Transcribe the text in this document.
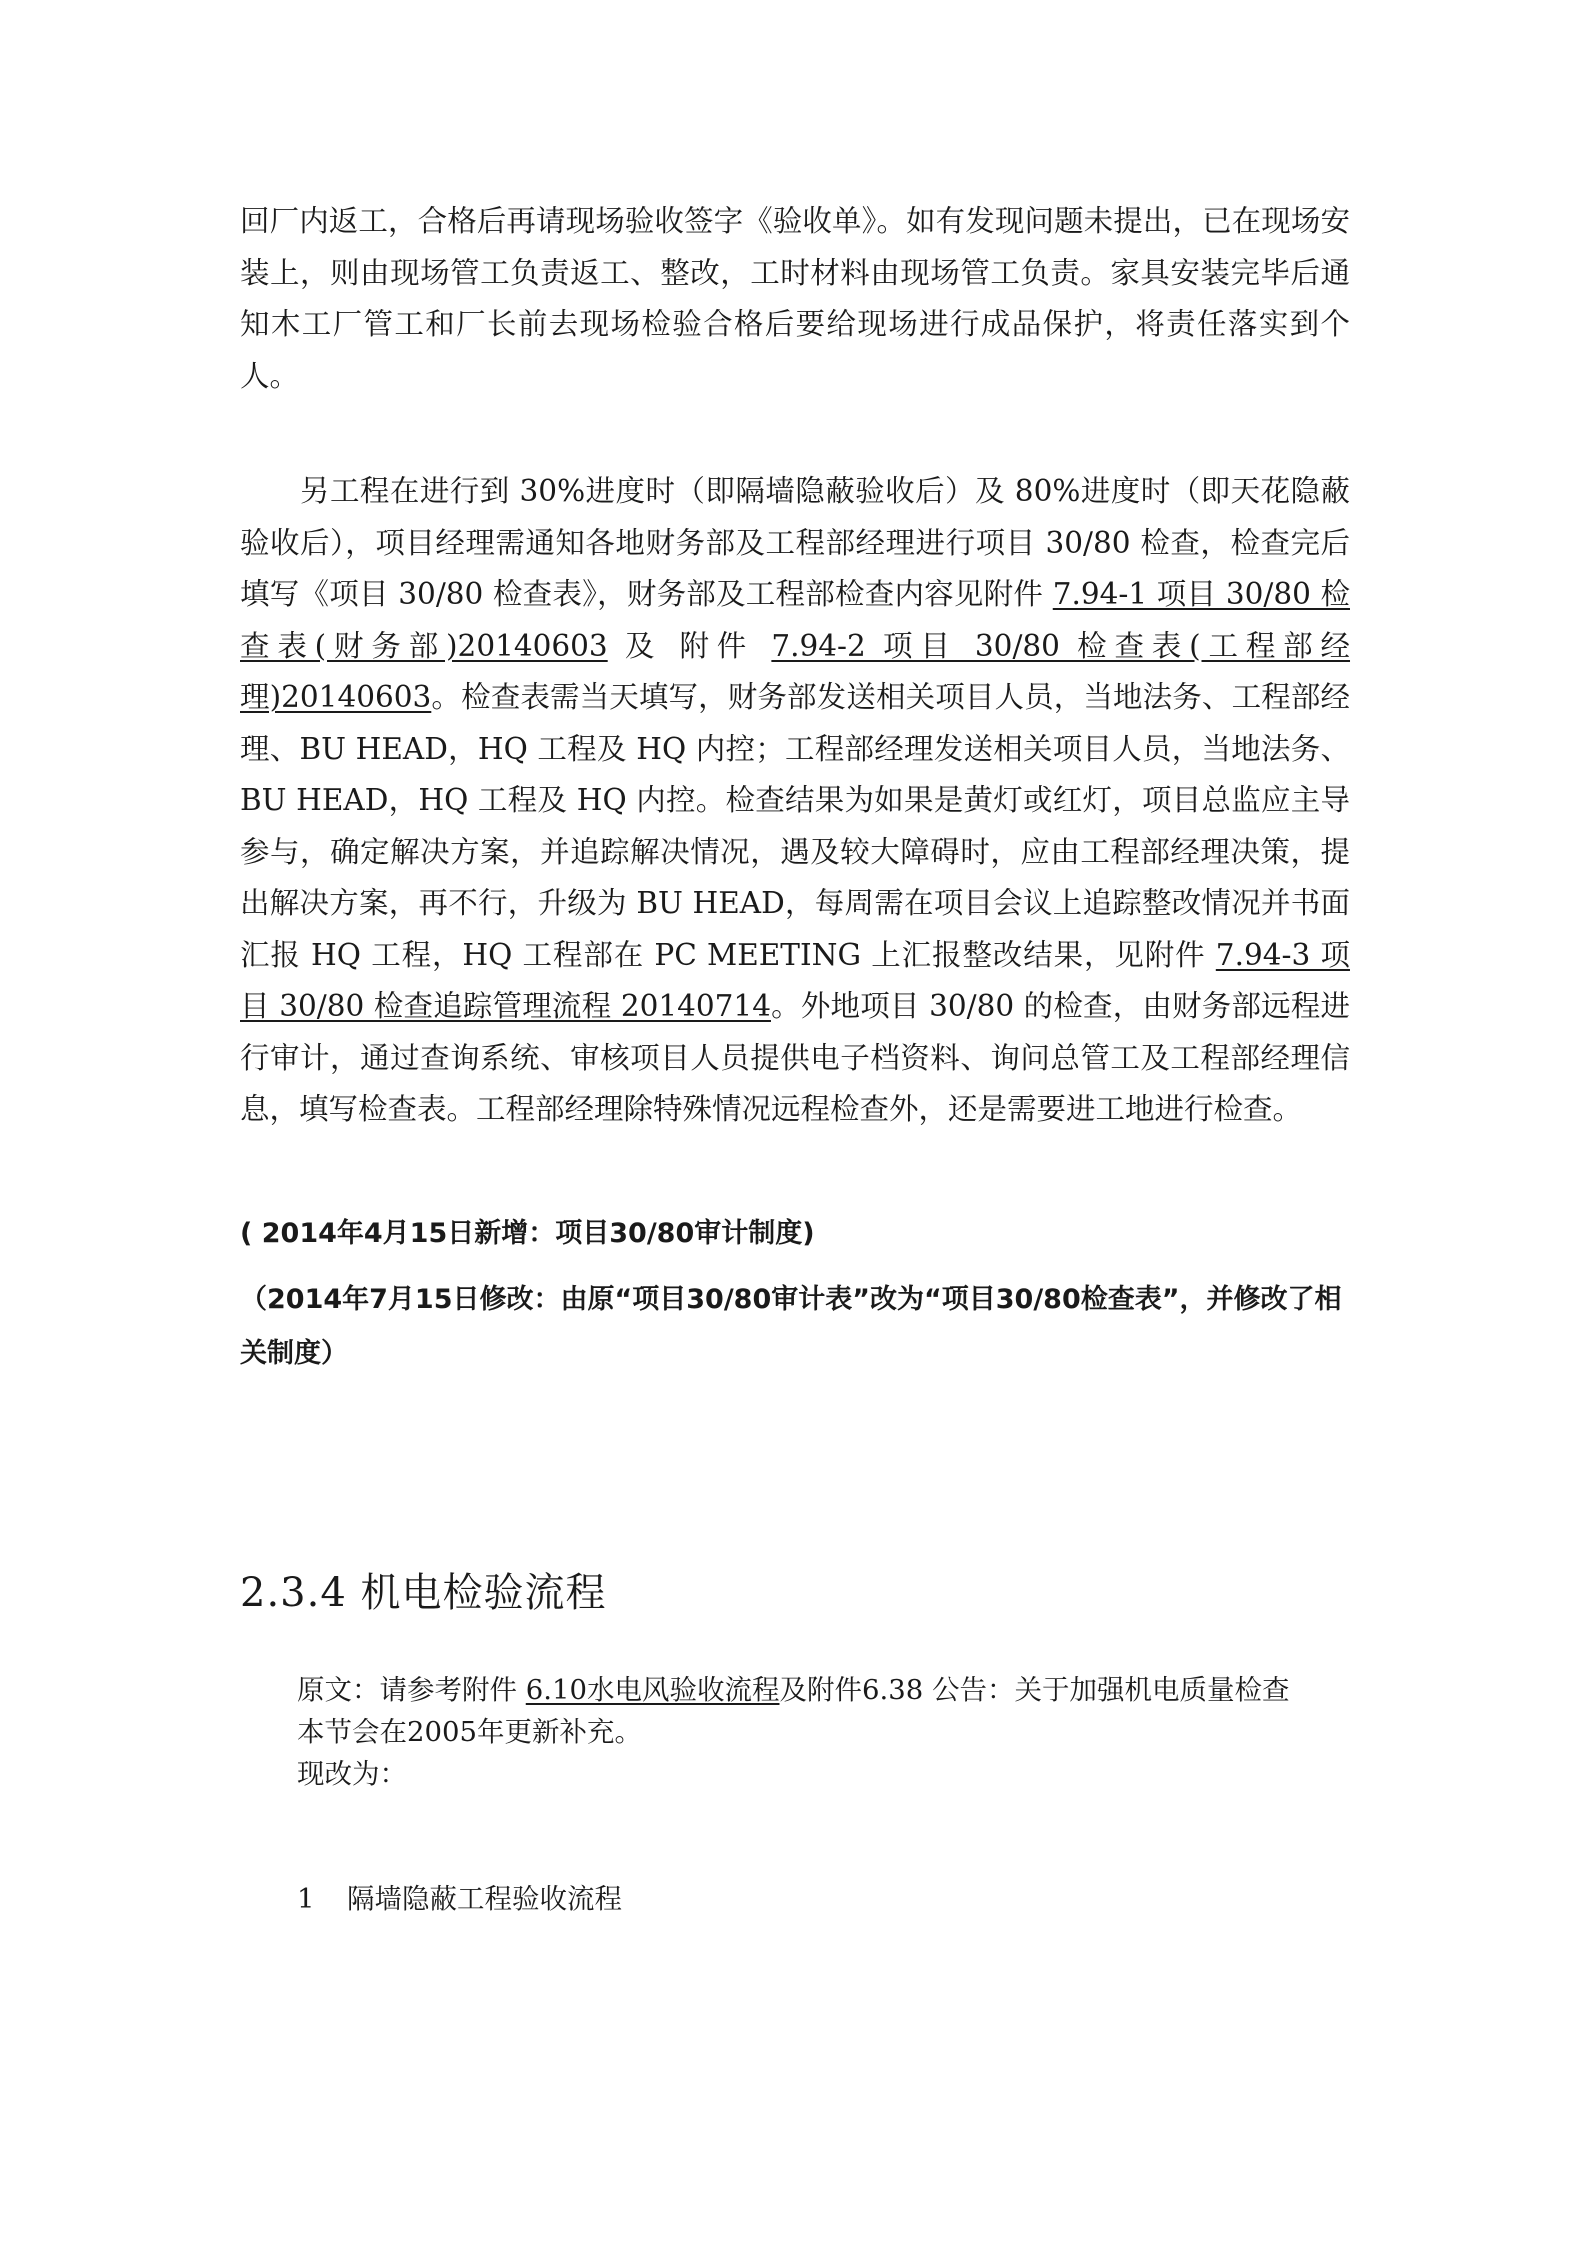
回厂内返工，合格后再请现场验收签字《验收单》。如有发现问题未提出，已在现场安装上，则由现场管工负责返工、整改，工时材料由现场管工负责。家具安装完毕后通知木工厂管工和厂长前去现场检验合格后要给现场进行成品保护，将责任落实到个人。
另工程在进行到 30%进度时（即隔墙隐蔽验收后）及 80%进度时（即天花隐蔽验收后），项目经理需通知各地财务部及工程部经理进行项目 30/80 检查，检查完后填写《项目 30/80 检查表》，财务部及工程部检查内容见附件 7.94-1 项目 30/80 检查表(财务部)20140603 及 附件 7.94-2 项目 30/80 检查表(工程部经理)20140603。检查表需当天填写，财务部发送相关项目人员，当地法务、工程部经理、BU HEAD，HQ 工程及 HQ 内控；工程部经理发送相关项目人员，当地法务、BU HEAD，HQ 工程及 HQ 内控。检查结果为如果是黄灯或红灯，项目总监应主导参与，确定解决方案，并追踪解决情况，遇及较大障碍时，应由工程部经理决策，提出解决方案，再不行，升级为 BU HEAD，每周需在项目会议上追踪整改情况并书面汇报 HQ 工程，HQ 工程部在 PC MEETING 上汇报整改结果，见附件 7.94-3 项目 30/80 检查追踪管理流程 20140714。外地项目 30/80 的检查，由财务部远程进行审计，通过查询系统、审核项目人员提供电子档资料、询问总管工及工程部经理信息，填写检查表。工程部经理除特殊情况远程检查外，还是需要进工地进行检查。
( 2014年4月15日新增：项目30/80审计制度)
（2014年7月15日修改：由原“项目30/80审计表”改为“项目30/80检查表”，并修改了相关制度）
2.3.4 机电检验流程
原文：请参考附件 6.10水电风验收流程及附件6.38 公告：关于加强机电质量检查
本节会在2005年更新补充。
现改为：
1 隔墙隐蔽工程验收流程
